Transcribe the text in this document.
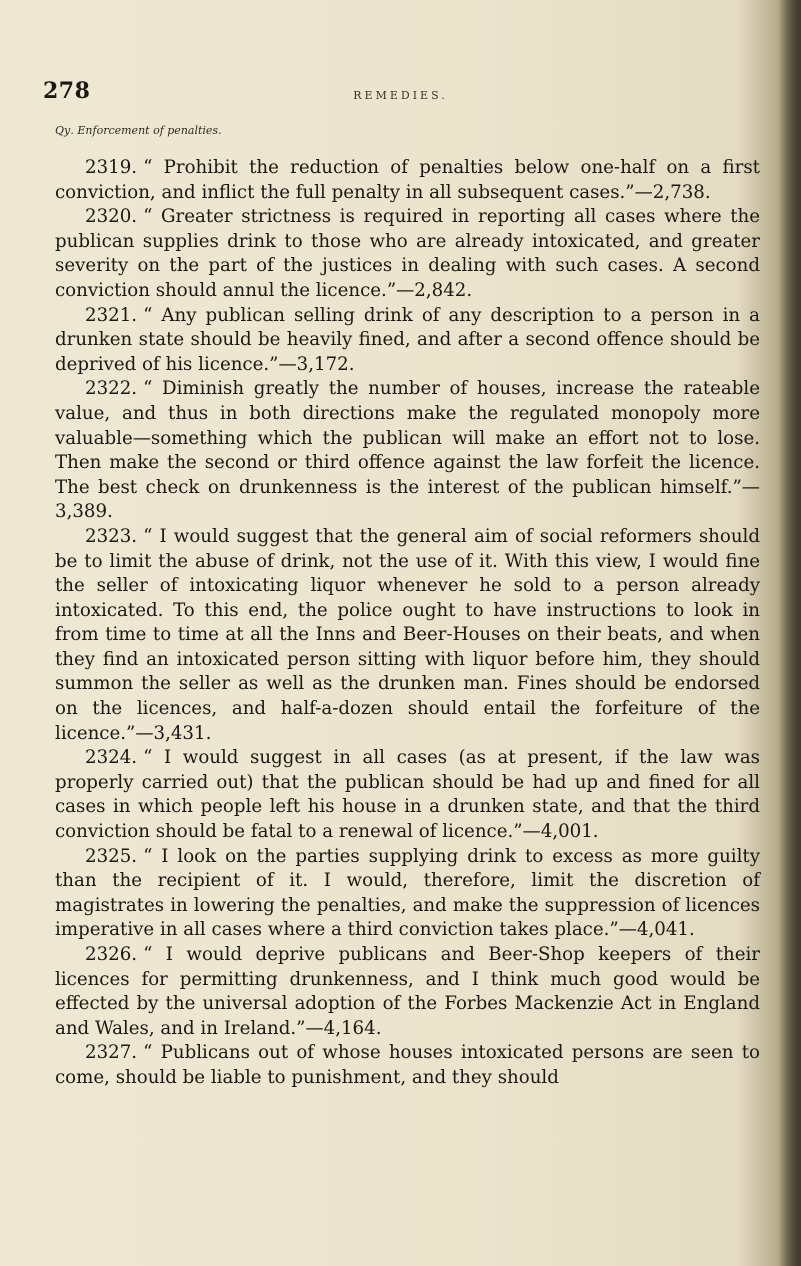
278	REMEDIES.
Qу. Enforcement of penalties.

2319. “ Prohibit the reduction of penalties below one-half on a first conviction, and inflict the full penalty in all subsequent cases.”—2,738.

2320. “ Greater strictness is required in reporting all cases where the publican supplies drink to those who are already intoxicated, and greater severity on the part of the justices in dealing with such cases. A second conviction should annul the licence.”—2,842.

2321. “ Any publican selling drink of any description to a person in a drunken state should be heavily fined, and after a second offence should be deprived of his licence.”—3,172.

2322. “ Diminish greatly the number of houses, increase the rateable value, and thus in both directions make the regulated monopoly more valuable—something which the publican will make an effort not to lose. Then make the second or third offence against the law forfeit the licence. The best check on drunkenness is the interest of the publican himself.”—3,389.

2323. “ I would suggest that the general aim of social reformers should be to limit the abuse of drink, not the use of it. With this view, I would fine the seller of intoxicating liquor whenever he sold to a person already intoxicated. To this end, the police ought to have instructions to look in from time to time at all the Inns and Beer-Houses on their beats, and when they find an intoxicated person sitting with liquor before him, they should summon the seller as well as the drunken man. Fines should be endorsed on the licences, and half-a-dozen should entail the forfeiture of the licence.”—3,431.

2324. “ I would suggest in all cases (as at present, if the law was properly carried out) that the publican should be had up and fined for all cases in which people left his house in a drunken state, and that the third conviction should be fatal to a renewal of licence.”—4,001.

2325. “ I look on the parties supplying drink to excess as more guilty than the recipient of it. I would, therefore, limit the discretion of magistrates in lowering the penalties, and make the suppression of licences imperative in all cases where a third conviction takes place.”—4,041.

2326. “ I would deprive publicans and Beer-Shop keepers of their licences for permitting drunkenness, and I think much good would be effected by the universal adoption of the Forbes Mackenzie Act in England and Wales, and in Ireland.”—4,164.

2327. “ Publicans out of whose houses intoxicated persons are seen to come, should be liable to punishment, and they should
